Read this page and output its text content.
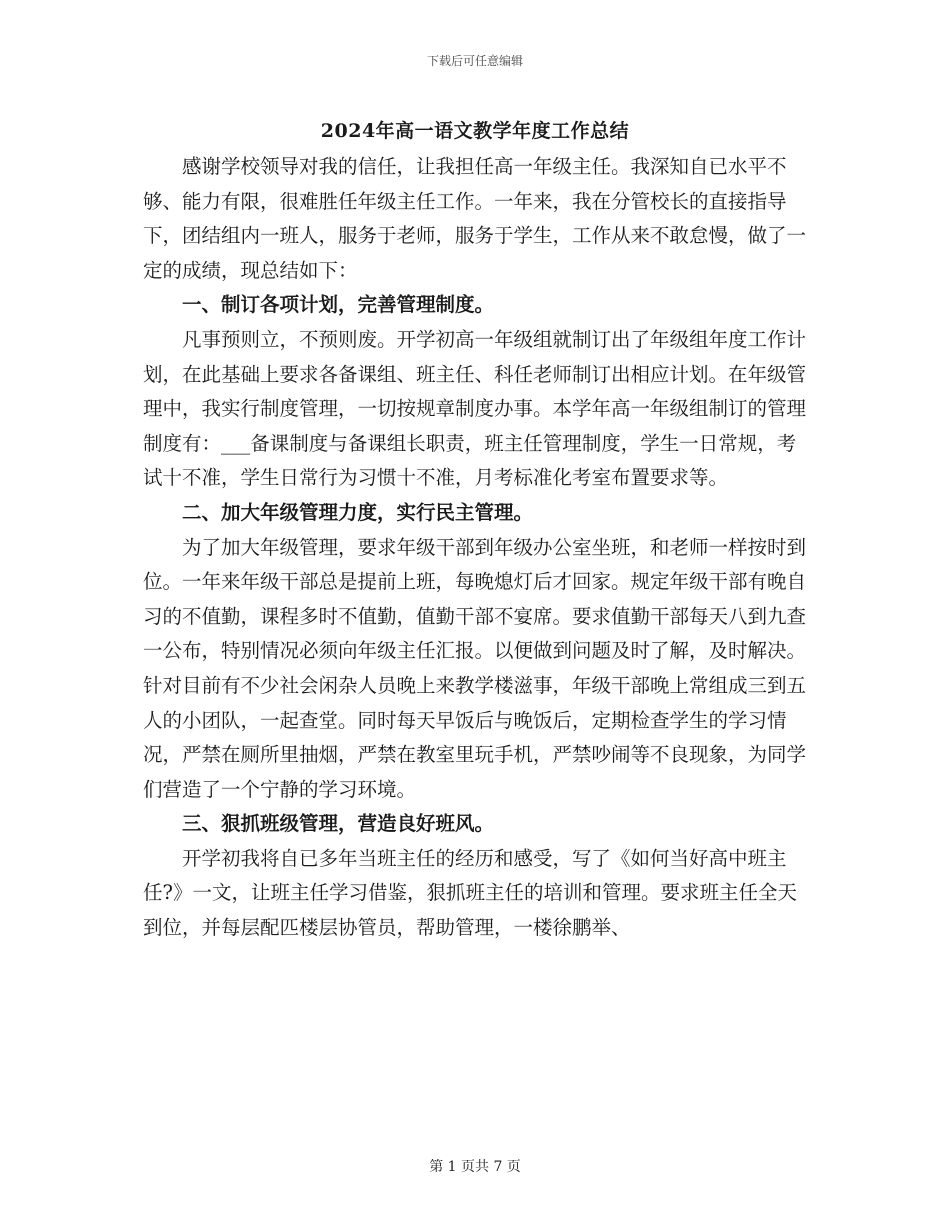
下载后可任意编辑
2024年高一语文教学年度工作总结

感谢学校领导对我的信任，让我担任高一年级主任。我深知自已水平不够、能力有限，很难胜任年级主任工作。一年来，我在分管校长的直接指导下，团结组内一班人，服务于老师，服务于学生，工作从来不敢怠慢，做了一定的成绩，现总结如下：

一、制订各项计划，完善管理制度。

凡事预则立，不预则废。开学初高一年级组就制订出了年级组年度工作计划，在此基础上要求各备课组、班主任、科任老师制订出相应计划。在年级管理中，我实行制度管理，一切按规章制度办事。本学年高一年级组制订的管理制度有：___备课制度与备课组长职责，班主任管理制度，学生一日常规，考试十不准，学生日常行为习惯十不准，月考标准化考室布置要求等。

二、加大年级管理力度，实行民主管理。

为了加大年级管理，要求年级干部到年级办公室坐班，和老师一样按时到位。一年来年级干部总是提前上班，每晚熄灯后才回家。规定年级干部有晚自习的不值勤，课程多时不值勤，值勤干部不宴席。要求值勤干部每天八到九查一公布，特别情况必须向年级主任汇报。以便做到问题及时了解，及时解决。针对目前有不少社会闲杂人员晚上来教学楼滋事，年级干部晚上常组成三到五人的小团队，一起查堂。同时每天早饭后与晚饭后，定期检查学生的学习情况，严禁在厕所里抽烟，严禁在教室里玩手机，严禁吵闹等不良现象，为同学们营造了一个宁静的学习环境。

三、狠抓班级管理，营造良好班风。

开学初我将自已多年当班主任的经历和感受，写了《如何当好高中班主任?》一文，让班主任学习借鉴，狠抓班主任的培训和管理。要求班主任全天到位，并每层配匹楼层协管员，帮助管理，一楼徐鹏举、

第 1 页共 7 页
